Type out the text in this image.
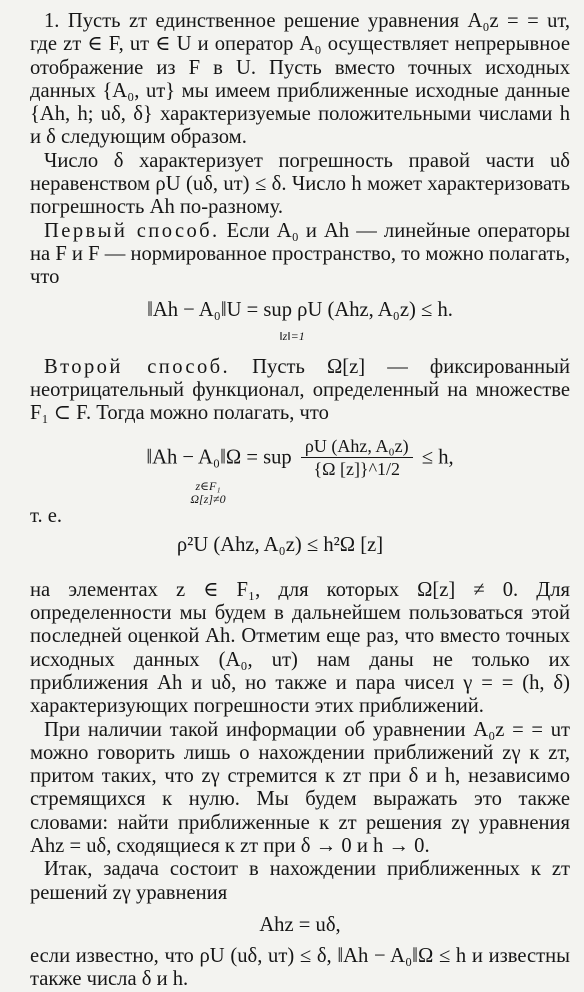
1. Пусть zт единственное решение уравнения A₀z = = uт, где zт ∈ F, uт ∈ U и оператор A₀ осуществляет непрерывное отображение из F в U. Пусть вместо точных исходных данных {A₀, uт} мы имеем приближенные исходные данные {Ah, h; uδ, δ} характеризуемые положительными числами h и δ следующим образом.

Число δ характеризует погрешность правой части uδ неравенством ρU (uδ, uт) ≤ δ. Число h может характеризовать погрешность Ah по-разному.

Первый способ. Если A₀ и Ah — линейные операторы на F и F — нормированное пространство, то можно полагать, что

‖Ah − A₀‖U = sup ρU (Ahz, A₀z) ≤ h.
‖z‖=1

Второй способ. Пусть Ω[z] — фиксированный неотрицательный функционал, определенный на множестве F₁ ⊂ F. Тогда можно полагать, что

‖Ah − A₀‖Ω = sup $\frac{\text{ρU (Ahz, A₀z)}}{\{\Omega [z]\}\^{}1/2} \le h$,
z∈F₁
Ω[z]≠0

т. е.

ρ²U (Ahz, A₀z) ≤ h²Ω [z]

на элементах z ∈ F₁, для которых Ω[z] ≠ 0. Для определенности мы будем в дальнейшем пользоваться этой последней оценкой Ah. Отметим еще раз, что вместо точных исходных данных (A₀, uт) нам даны не только их приближения Ah и uδ, но также и пара чисел γ = = (h, δ) характеризующих погрешности этих приближений.

При наличии такой информации об уравнении A₀z = = uт можно говорить лишь о нахождении приближений zγ к zт, притом таких, что zγ стремится к zт при δ и h, независимо стремящихся к нулю. Мы будем выражать это также словами: найти приближенные к zт решения zγ уравнения Ahz = uδ, сходящиеся к zт при δ → 0 и h → 0.

Итак, задача состоит в нахождении приближенных к zт решений zγ уравнения

Ahz = uδ,

если известно, что ρU (uδ, uт) ≤ δ, ‖Ah − A₀‖Ω ≤ h и известны также числа δ и h.
